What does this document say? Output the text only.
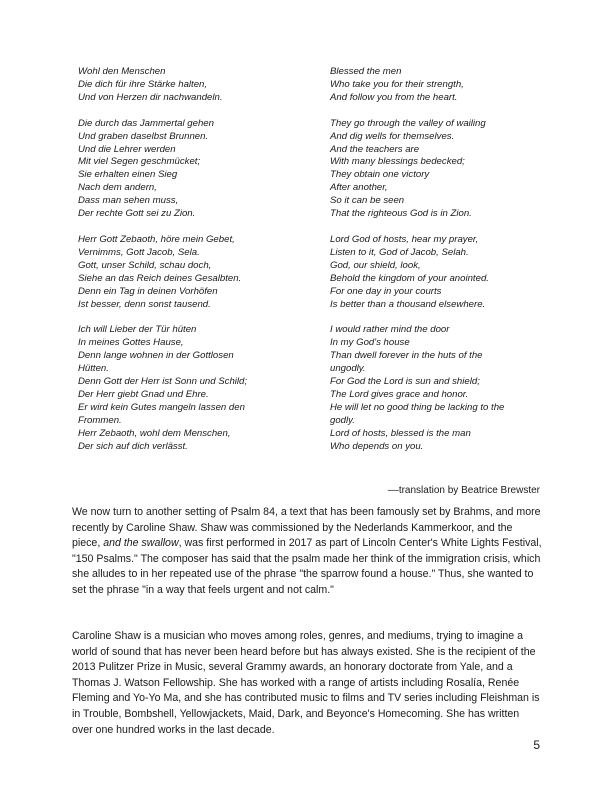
Wohl den Menschen
Die dich für ihre Stärke halten,
Und von Herzen dir nachwandeln.
Die durch das Jammertal gehen
Und graben daselbst Brunnen.
Und die Lehrer werden
Mit viel Segen geschmücket;
Sie erhalten einen Sieg
Nach dem andern,
Dass man sehen muss,
Der rechte Gott sei zu Zion.
Herr Gott Zebaoth, höre mein Gebet,
Vernimms, Gott Jacob, Sela.
Gott, unser Schild, schau doch,
Siehe an das Reich deines Gesalbten.
Denn ein Tag in deinen Vorhöfen
Ist besser, denn sonst tausend.
Ich will Lieber der Tür hüten
In meines Gottes Hause,
Denn lange wohnen in der Gottlosen
Hütten.
Denn Gott der Herr ist Sonn und Schild;
Der Herr giebt Gnad und Ehre.
Er wird kein Gutes mangeln lassen den
Frommen.
Herr Zebaoth, wohl dem Menschen,
Der sich auf dich verlässt.
Blessed the men
Who take you for their strength,
And follow you from the heart.
They go through the valley of wailing
And dig wells for themselves.
And the teachers are
With many blessings bedecked;
They obtain one victory
After another,
So it can be seen
That the righteous God is in Zion.
Lord God of hosts, hear my prayer,
Listen to it, God of Jacob, Selah.
God, our shield, look,
Behold the kingdom of your anointed.
For one day in your courts
Is better than a thousand elsewhere.
I would rather mind the door
In my God's house
Than dwell forever in the huts of the
ungodly.
For God the Lord is sun and shield;
The Lord gives grace and honor.
He will let no good thing be lacking to the
godly.
Lord of hosts, blessed is the man
Who depends on you.
––translation by Beatrice Brewster

We now turn to another setting of Psalm 84, a text that has been famously set by Brahms, and more recently by Caroline Shaw. Shaw was commissioned by the Nederlands Kammerkoor, and the piece, and the swallow, was first performed in 2017 as part of Lincoln Center's White Lights Festival, "150 Psalms." The composer has said that the psalm made her think of the immigration crisis, which she alludes to in her repeated use of the phrase "the sparrow found a house." Thus, she wanted to set the phrase "in a way that feels urgent and not calm."

Caroline Shaw is a musician who moves among roles, genres, and mediums, trying to imagine a world of sound that has never been heard before but has always existed. She is the recipient of the 2013 Pulitzer Prize in Music, several Grammy awards, an honorary doctorate from Yale, and a Thomas J. Watson Fellowship. She has worked with a range of artists including Rosalía, Renée Fleming and Yo-Yo Ma, and she has contributed music to films and TV series including Fleishman is in Trouble, Bombshell, Yellowjackets, Maid, Dark, and Beyonce's Homecoming. She has written over one hundred works in the last decade.

5
